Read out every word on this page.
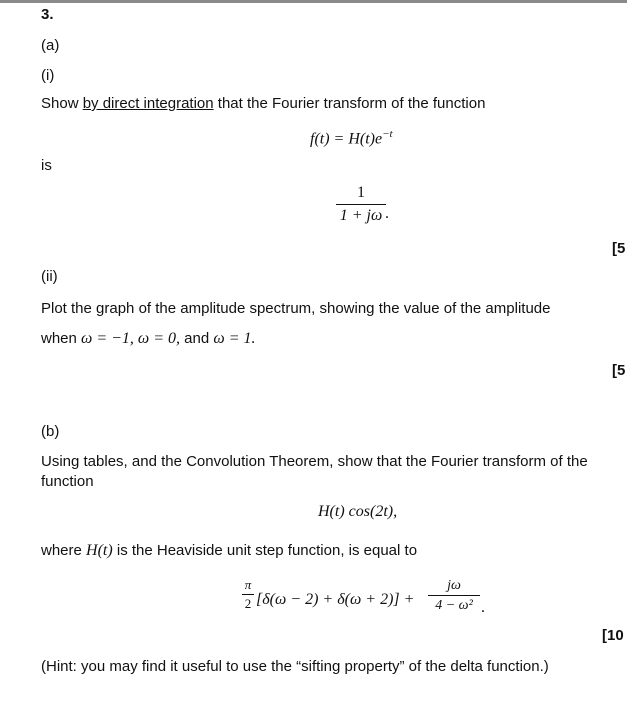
3.
(a)
(i)
Show by direct integration that the Fourier transform of the function
$f(t) = H(t)e^{-t}$
is
1
1 + jω .
[5
(ii)
Plot the graph of the amplitude spectrum, showing the value of the amplitude
when ω = −1, ω = 0, and ω = 1.
[5
(b)
Using tables, and the Convolution Theorem, show that the Fourier transform of the
function
H(t) cos(2t),
where H(t) is the Heaviside unit step function, is equal to
π
2 [δ(ω − 2) + δ(ω + 2)] +
jω
4 − ω² .
[10
(Hint: you may find it useful to use the “sifting property” of the delta function.)
